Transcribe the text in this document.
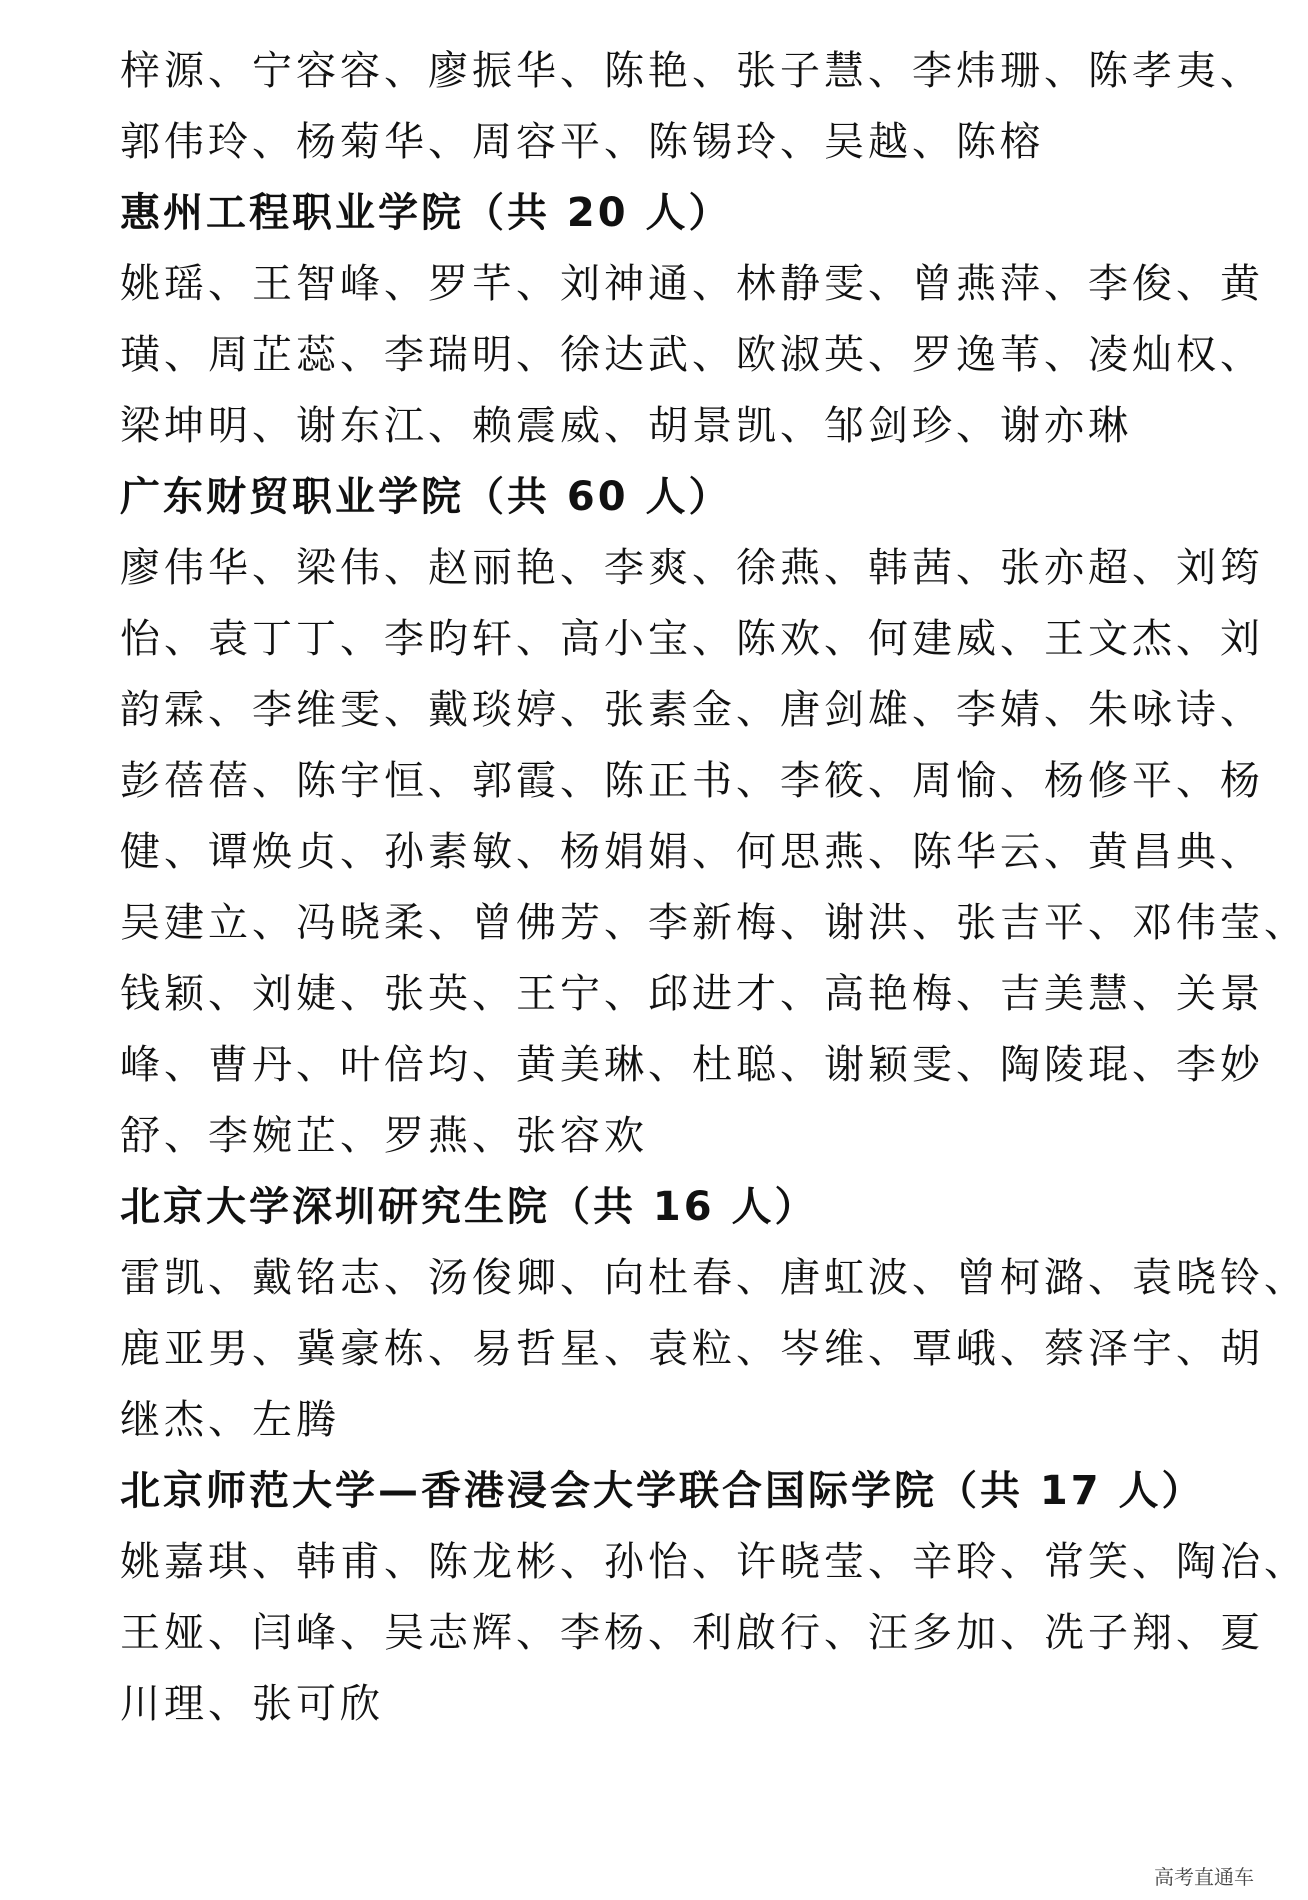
梓源、宁容容、廖振华、陈艳、张子慧、李炜珊、陈孝夷、
郭伟玲、杨菊华、周容平、陈锡玲、吴越、陈榕
惠州工程职业学院（共 20 人）
姚瑶、王智峰、罗芊、刘神通、林静雯、曾燕萍、李俊、黄
璜、周芷蕊、李瑞明、徐达武、欧淑英、罗逸苇、凌灿权、
梁坤明、谢东江、赖震威、胡景凯、邹剑珍、谢亦琳
广东财贸职业学院（共 60 人）
廖伟华、梁伟、赵丽艳、李爽、徐燕、韩茜、张亦超、刘筠
怡、袁丁丁、李昀轩、高小宝、陈欢、何建威、王文杰、刘
韵霖、李维雯、戴琰婷、张素金、唐剑雄、李婧、朱咏诗、
彭蓓蓓、陈宇恒、郭霞、陈正书、李筱、周愉、杨修平、杨
健、谭焕贞、孙素敏、杨娟娟、何思燕、陈华云、黄昌典、
吴建立、冯晓柔、曾佛芳、李新梅、谢洪、张吉平、邓伟莹、
钱颖、刘婕、张英、王宁、邱进才、高艳梅、吉美慧、关景
峰、曹丹、叶倍均、黄美琳、杜聪、谢颖雯、陶陵琨、李妙
舒、李婉芷、罗燕、张容欢
北京大学深圳研究生院（共 16 人）
雷凯、戴铭志、汤俊卿、向杜春、唐虹波、曾柯潞、袁晓铃、
鹿亚男、冀豪栋、易哲星、袁粒、岑维、覃峨、蔡泽宇、胡
继杰、左腾
北京师范大学—香港浸会大学联合国际学院（共 17 人）
姚嘉琪、韩甫、陈龙彬、孙怡、许晓莹、辛聆、常笑、陶冶、
王娅、闫峰、吴志辉、李杨、利啟行、汪多加、冼子翔、夏
川理、张可欣
高考直通车
